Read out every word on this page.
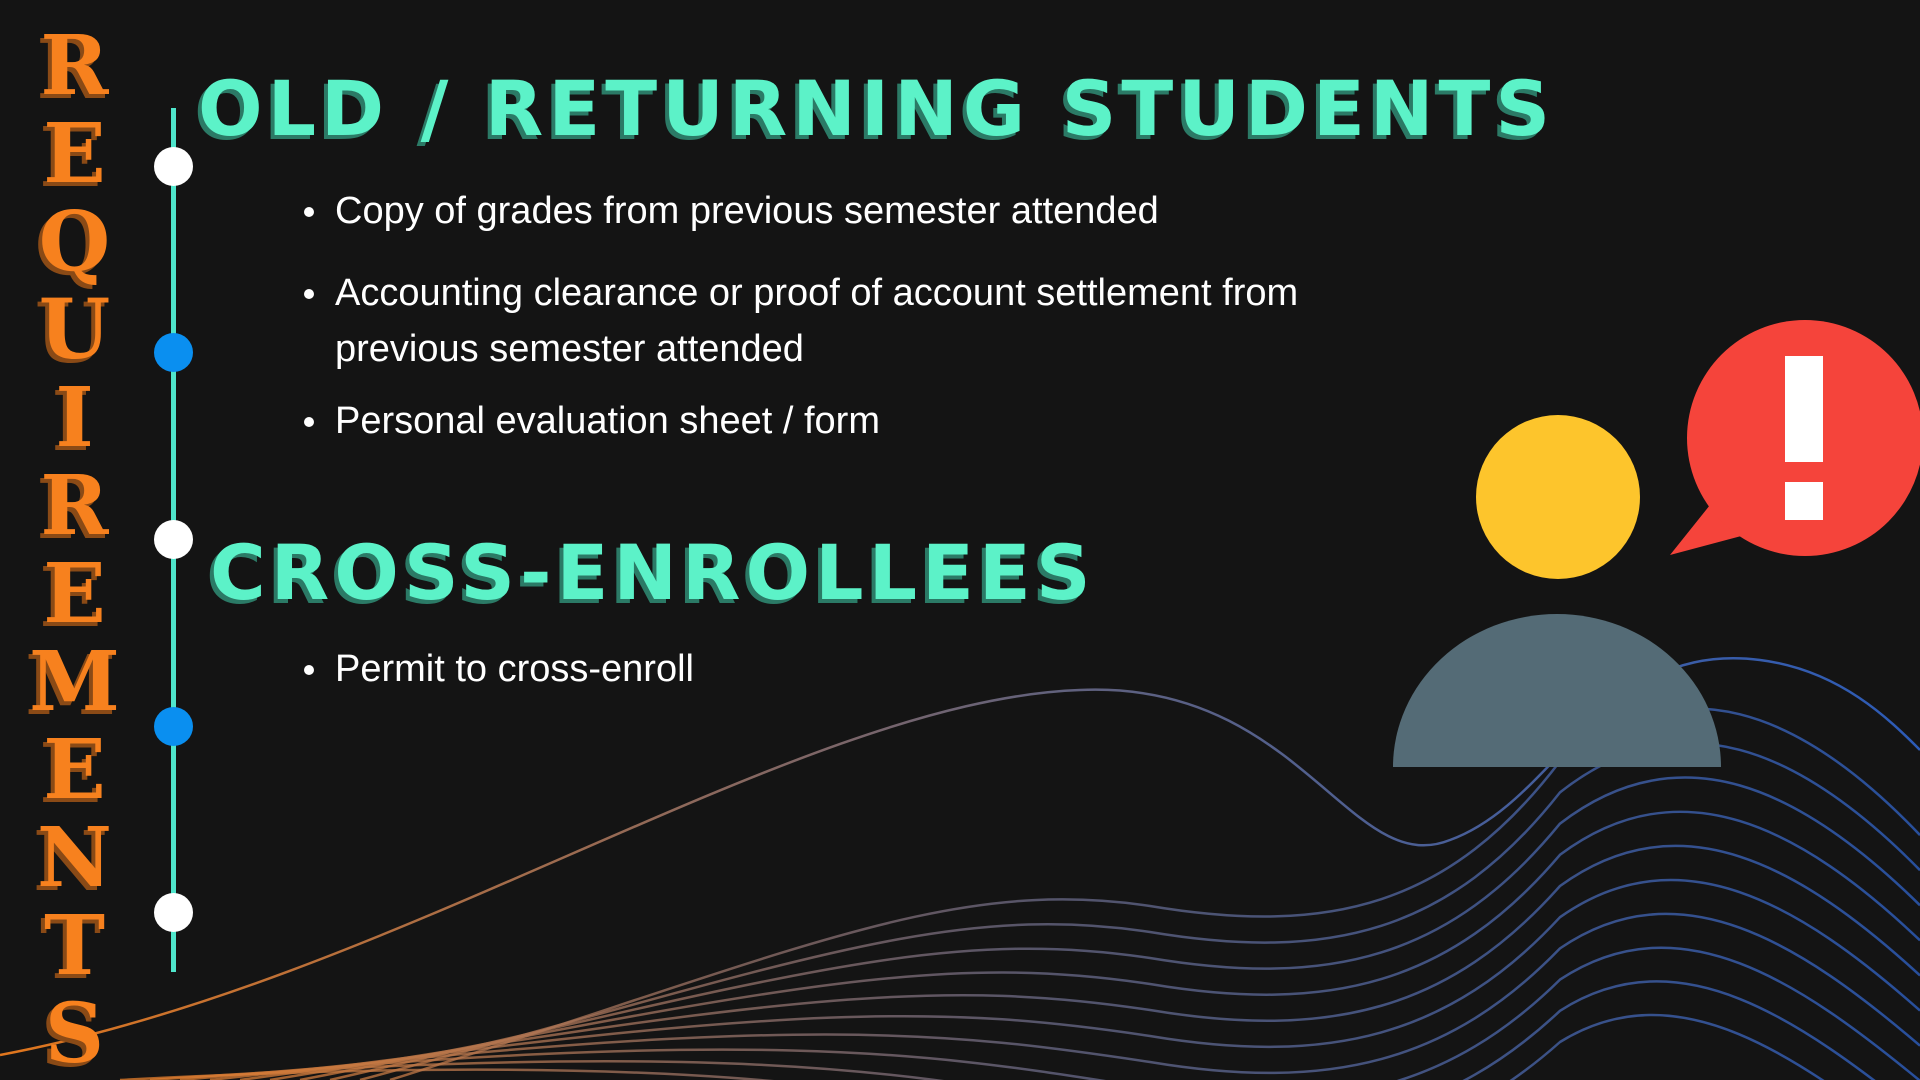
R
E
Q
U
I
R
E
M
E
N
T
S
OLD / RETURNING STUDENTS
Copy of grades from previous semester attended
Accounting clearance or proof of account settlement from previous semester attended
Personal evaluation sheet / form
CROSS-ENROLLEES
Permit to cross-enroll
